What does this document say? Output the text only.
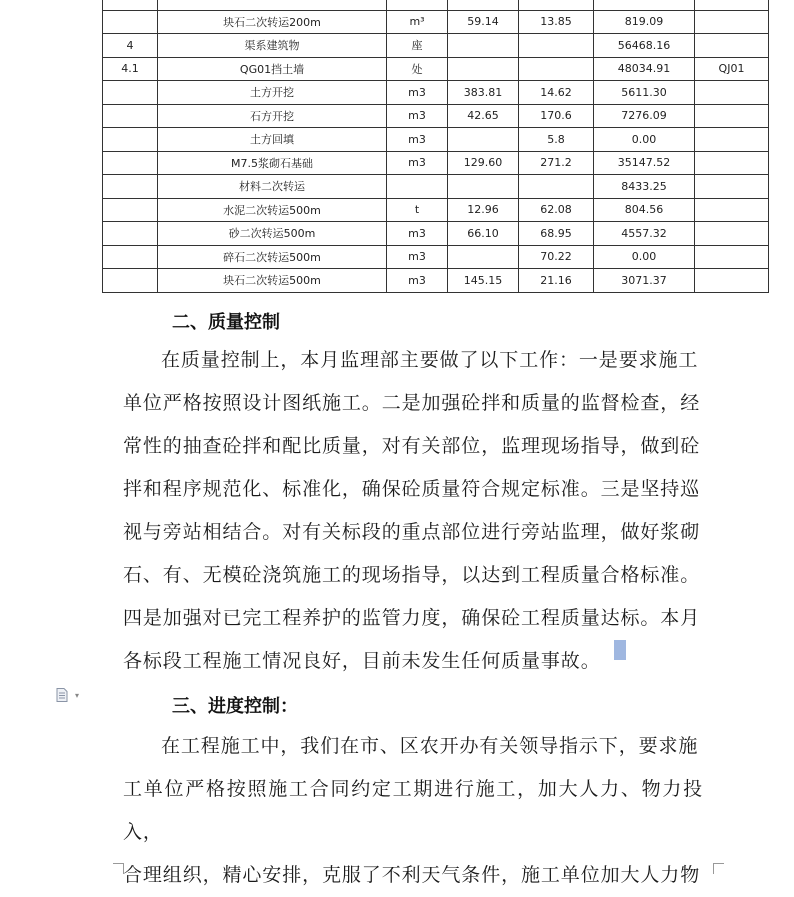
	块石二次转运200m	m³	59.14	13.85	819.09	
4	渠系建筑物	座			56468.16	
4.1	QG01挡土墙	处			48034.91	QJ01
	土方开挖	m3	383.81	14.62	5611.30	
	石方开挖	m3	42.65	170.6	7276.09	
	土方回填	m3		5.8	0.00	
	M7.5浆砌石基础	m3	129.60	271.2	35147.52	
	材料二次转运				8433.25	
	水泥二次转运500m	t	12.96	62.08	804.56	
	砂二次转运500m	m3	66.10	68.95	4557.32	
	碎石二次转运500m	m3		70.22	0.00	
	块石二次转运500m	m3	145.15	21.16	3071.37	
二、质量控制
在质量控制上，本月监理部主要做了以下工作：一是要求施工
单位严格按照设计图纸施工。二是加强砼拌和质量的监督检查，经
常性的抽查砼拌和配比质量，对有关部位，监理现场指导，做到砼
拌和程序规范化、标准化，确保砼质量符合规定标准。三是坚持巡
视与旁站相结合。对有关标段的重点部位进行旁站监理，做好浆砌
石、有、无模砼浇筑施工的现场指导，以达到工程质量合格标准。
四是加强对已完工程养护的监管力度，确保砼工程质量达标。本月
各标段工程施工情况良好，目前未发生任何质量事故。
▾
三、进度控制：
在工程施工中，我们在市、区农开办有关领导指示下，要求施
工单位严格按照施工合同约定工期进行施工，加大人力、物力投入，
合理组织，精心安排，克服了不利天气条件，施工单位加大人力物
